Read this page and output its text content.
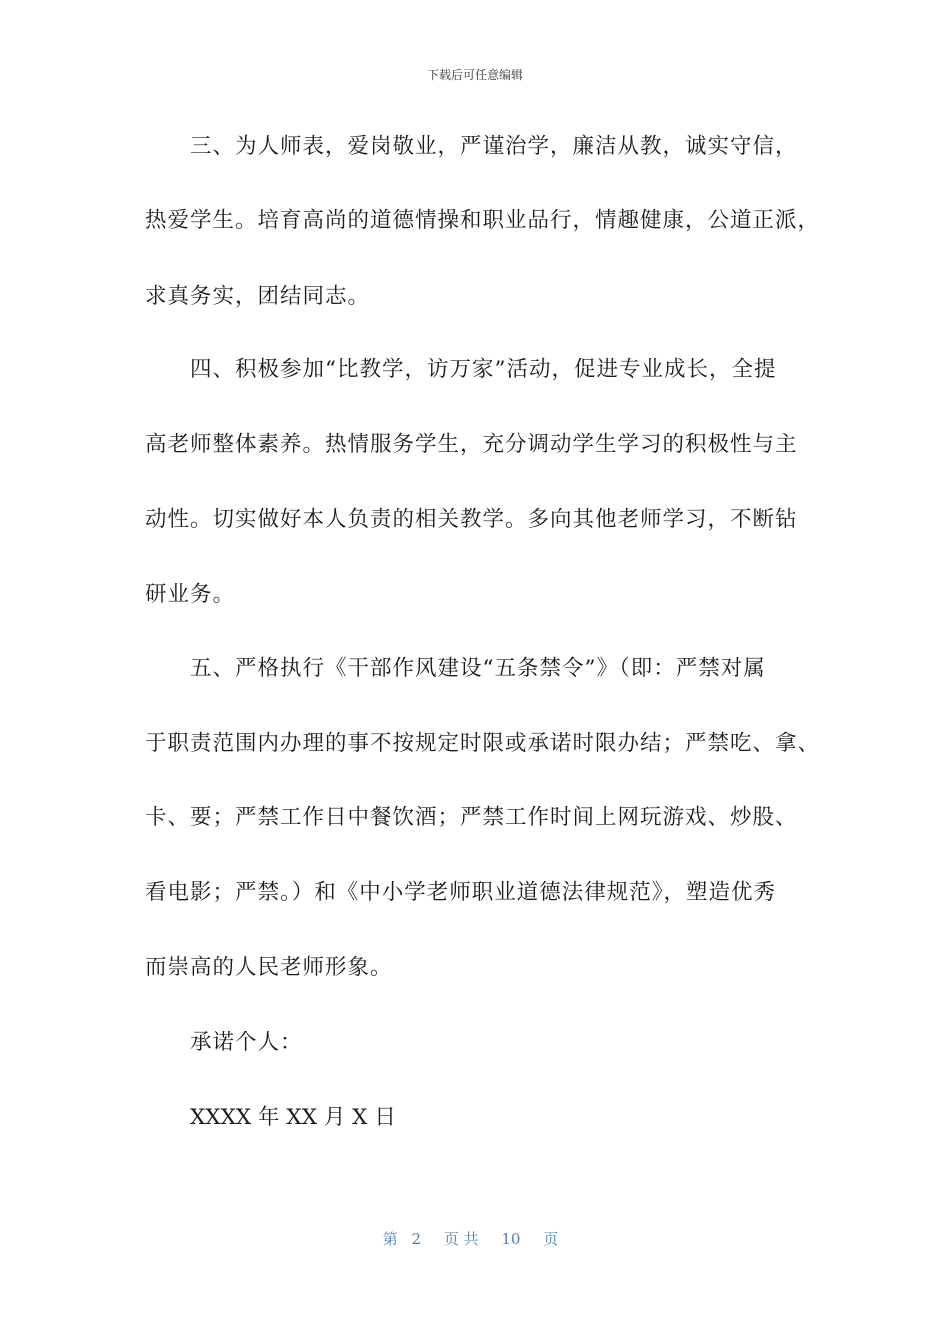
下载后可任意编辑
三、为人师表，爱岗敬业，严谨治学，廉洁从教，诚实守信，
热爱学生。培育高尚的道德情操和职业品行，情趣健康，公道正派，
求真务实，团结同志。
四、积极参加“比教学，访万家”活动，促进专业成长，全提
高老师整体素养。热情服务学生，充分调动学生学习的积极性与主
动性。切实做好本人负责的相关教学。多向其他老师学习，不断钻
研业务。
五、严格执行《干部作风建设“五条禁令”》（即：严禁对属
于职责范围内办理的事不按规定时限或承诺时限办结；严禁吃、拿、
卡、要；严禁工作日中餐饮酒；严禁工作时间上网玩游戏、炒股、
看电影；严禁。）和《中小学老师职业道德法律规范》，塑造优秀
而崇高的人民老师形象。
承诺个人：
XXXX 年 XX 月 X 日
第 2 页 共 10 页
